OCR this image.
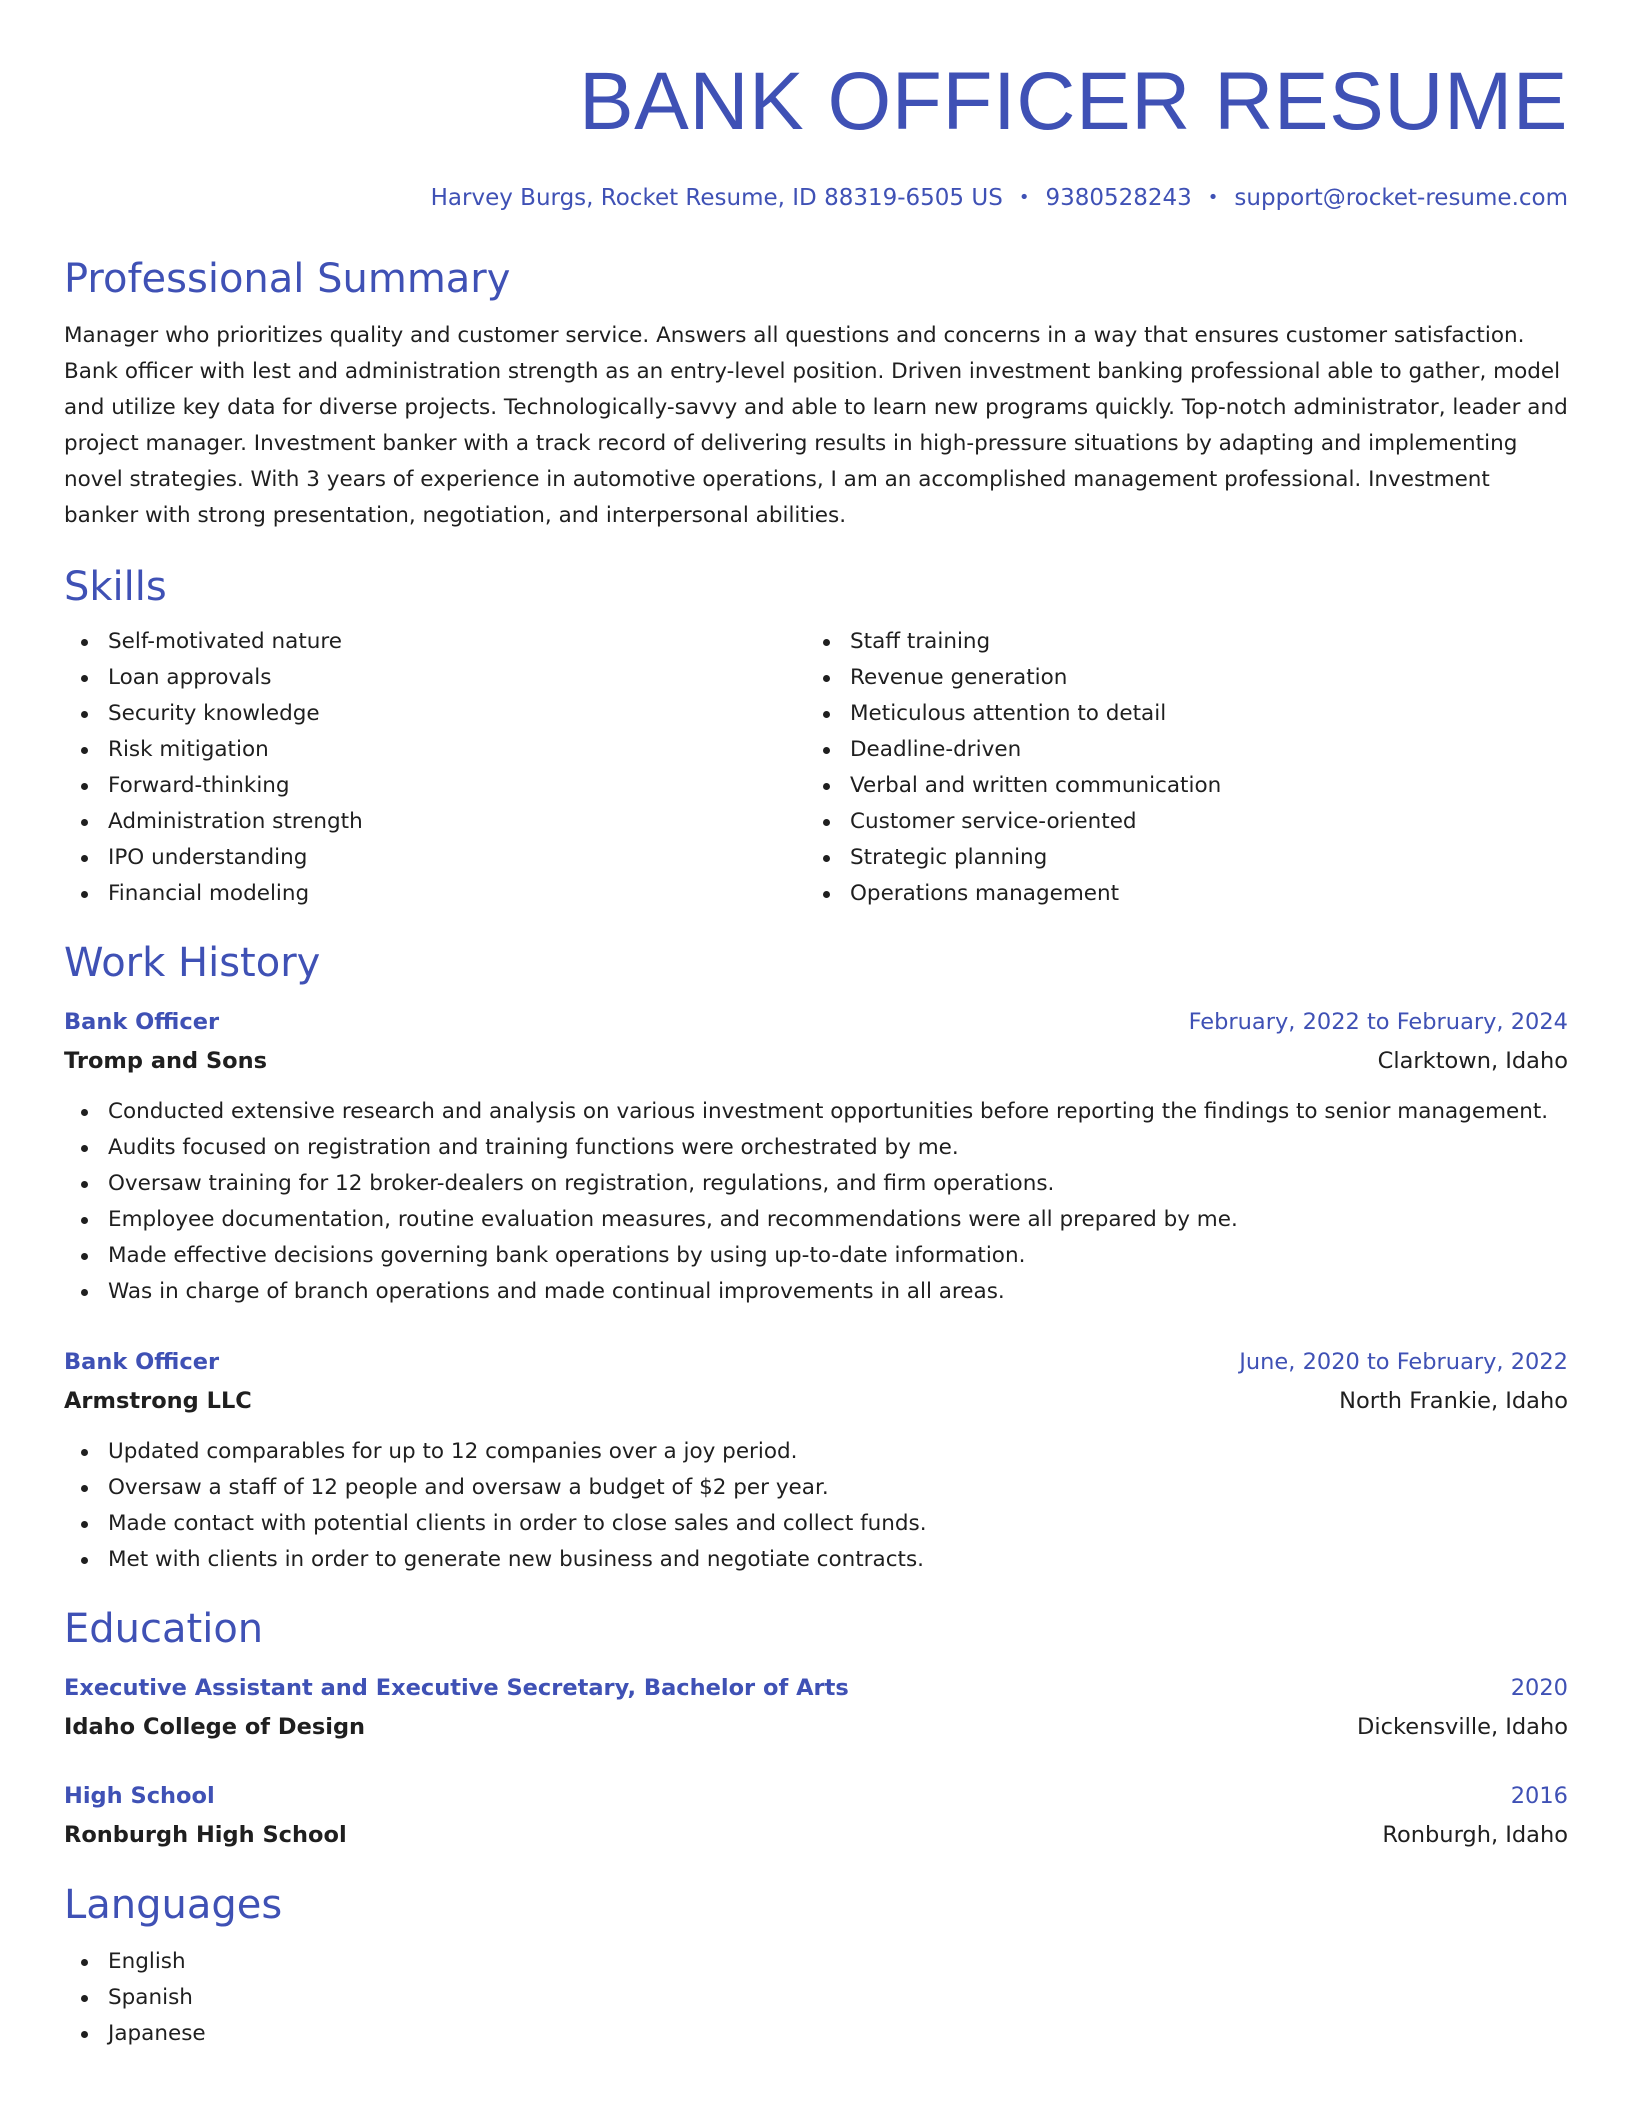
BANK OFFICER RESUME
Harvey Burgs, Rocket Resume, ID 88319-6505 US • 9380528243 • support@rocket-resume.com
Professional Summary

Manager who prioritizes quality and customer service. Answers all questions and concerns in a way that ensures customer satisfaction. Bank officer with lest and administration strength as an entry-level position. Driven investment banking professional able to gather, model and utilize key data for diverse projects. Technologically-savvy and able to learn new programs quickly. Top-notch administrator, leader and project manager. Investment banker with a track record of delivering results in high-pressure situations by adapting and implementing novel strategies. With 3 years of experience in automotive operations, I am an accomplished management professional. Investment banker with strong presentation, negotiation, and interpersonal abilities.

Skills
Self-motivated nature
Loan approvals
Security knowledge
Risk mitigation
Forward-thinking
Administration strength
IPO understanding
Financial modeling
Staff training
Revenue generation
Meticulous attention to detail
Deadline-driven
Verbal and written communication
Customer service-oriented
Strategic planning
Operations management
Work History
Bank Officer	February, 2022 to February, 2024
Tromp and Sons	Clarktown, Idaho
Conducted extensive research and analysis on various investment opportunities before reporting the findings to senior management.
Audits focused on registration and training functions were orchestrated by me.
Oversaw training for 12 broker-dealers on registration, regulations, and firm operations.
Employee documentation, routine evaluation measures, and recommendations were all prepared by me.
Made effective decisions governing bank operations by using up-to-date information.
Was in charge of branch operations and made continual improvements in all areas.
Bank Officer	June, 2020 to February, 2022
Armstrong LLC	North Frankie, Idaho
Updated comparables for up to 12 companies over a joy period.
Oversaw a staff of 12 people and oversaw a budget of $2 per year.
Made contact with potential clients in order to close sales and collect funds.
Met with clients in order to generate new business and negotiate contracts.
Education
Executive Assistant and Executive Secretary, Bachelor of Arts	2020
Idaho College of Design	Dickensville, Idaho
High School	2016
Ronburgh High School	Ronburgh, Idaho
Languages
English
Spanish
Japanese
